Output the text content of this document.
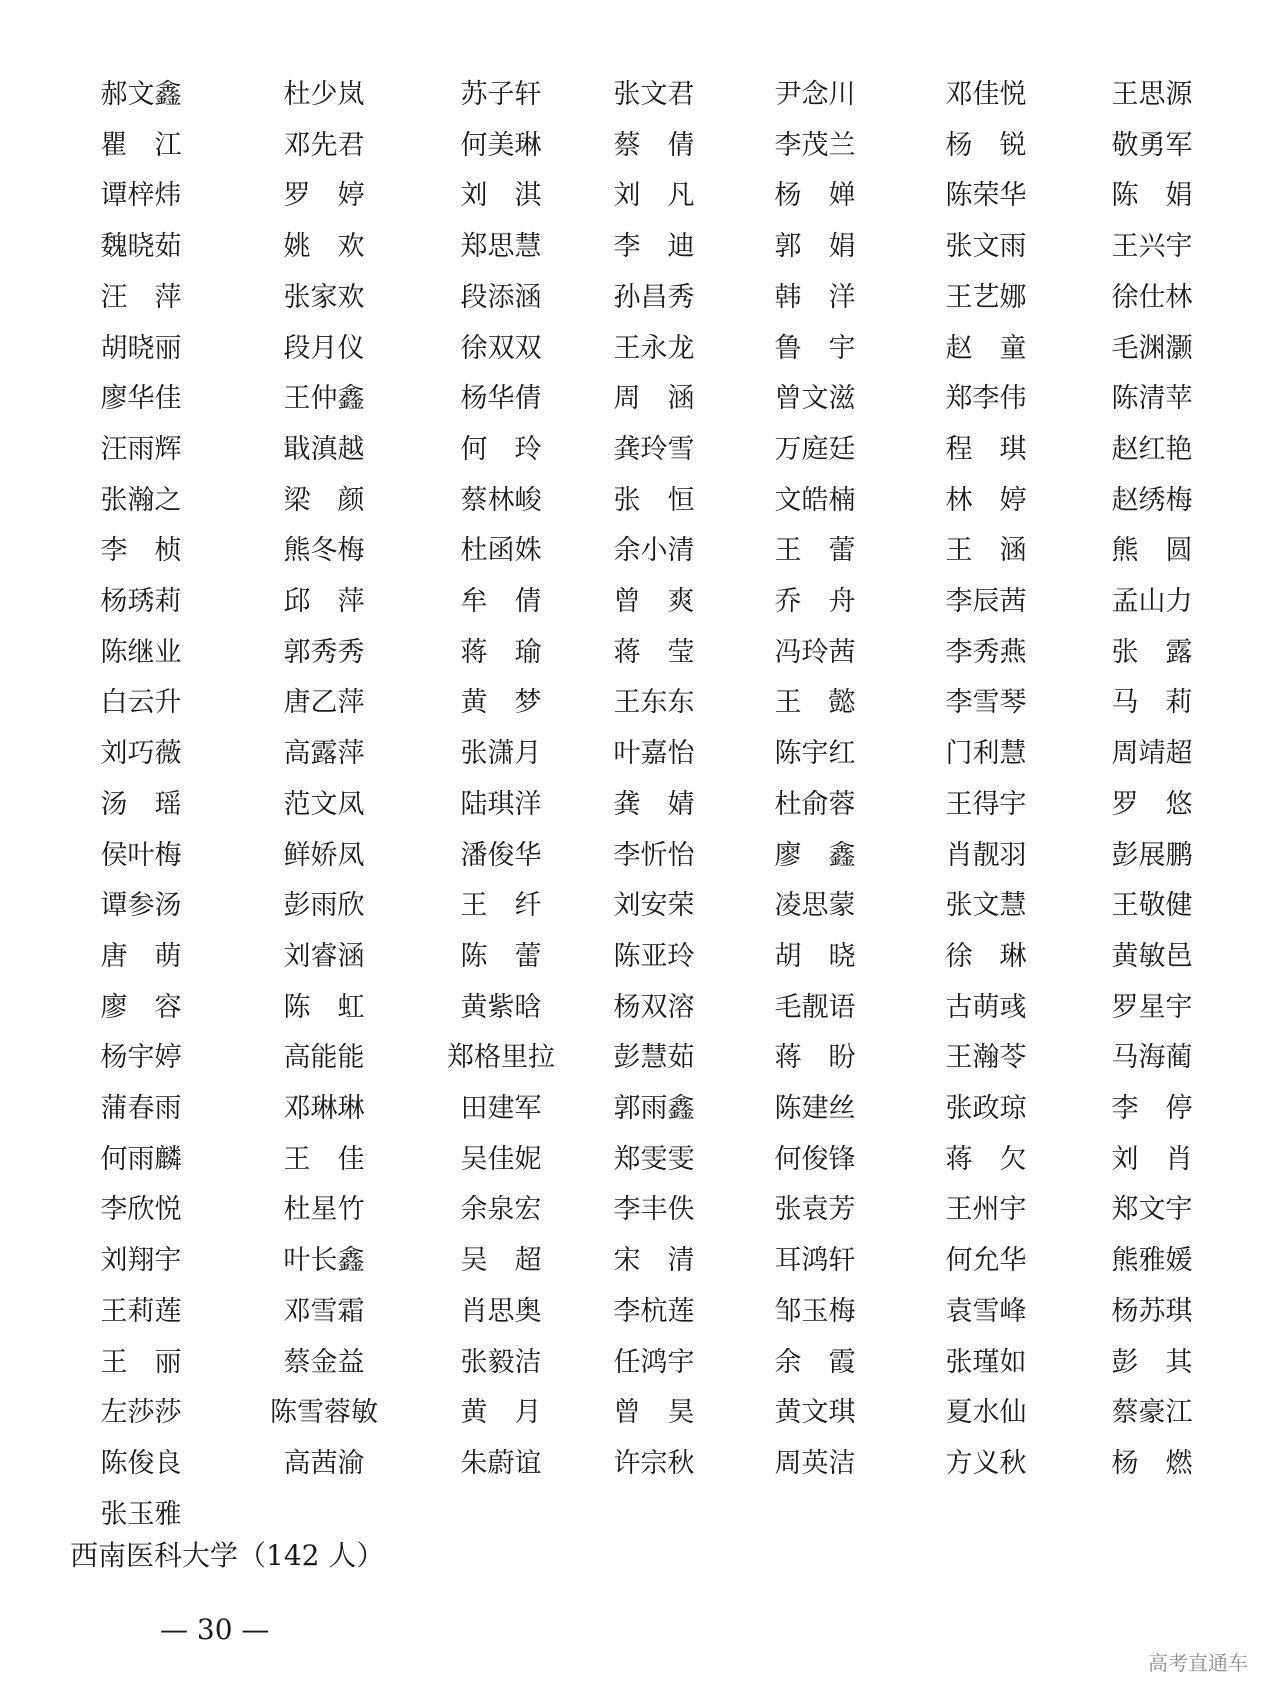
郝文鑫	杜少岚	苏子轩	张文君	尹念川	邓佳悦	王思源
瞿　江	邓先君	何美琳	蔡　倩	李茂兰	杨　锐	敬勇军
谭梓炜	罗　婷	刘　淇	刘　凡	杨　婵	陈荣华	陈　娟
魏晓茹	姚　欢	郑思慧	李　迪	郭　娟	张文雨	王兴宇
汪　萍	张家欢	段添涵	孙昌秀	韩　洋	王艺娜	徐仕林
胡晓丽	段月仪	徐双双	王永龙	鲁　宇	赵　童	毛渊灏
廖华佳	王仲鑫	杨华倩	周　涵	曾文滋	郑李伟	陈清苹
汪雨辉	戢滇越	何　玲	龚玲雪	万庭廷	程　琪	赵红艳
张瀚之	梁　颜	蔡林峻	张　恒	文皓楠	林　婷	赵绣梅
李　桢	熊冬梅	杜函姝	余小清	王　蕾	王　涵	熊　圆
杨琇莉	邱　萍	牟　倩	曾　爽	乔　舟	李辰茜	孟山力
陈继业	郭秀秀	蒋　瑜	蒋　莹	冯玲茜	李秀燕	张　露
白云升	唐乙萍	黄　梦	王东东	王　懿	李雪琴	马　莉
刘巧薇	高露萍	张潇月	叶嘉怡	陈宇红	门利慧	周靖超
汤　瑶	范文凤	陆琪洋	龚　婧	杜俞蓉	王得宇	罗　悠
侯叶梅	鲜娇凤	潘俊华	李忻怡	廖　鑫	肖靓羽	彭展鹏
谭参汤	彭雨欣	王　纤	刘安荣	凌思蒙	张文慧	王敬健
唐　萌	刘睿涵	陈　蕾	陈亚玲	胡　晓	徐　琳	黄敏邑
廖　容	陈　虹	黄紫晗	杨双溶	毛靓语	古萌彧	罗星宇
杨宇婷	高能能	郑格里拉	彭慧茹	蒋　盼	王瀚苓	马海蔺
蒲春雨	邓琳琳	田建军	郭雨鑫	陈建丝	张政琼	李　停
何雨麟	王　佳	吴佳妮	郑雯雯	何俊锋	蒋　欠	刘　肖
李欣悦	杜星竹	余泉宏	李丰佚	张袁芳	王州宇	郑文宇
刘翔宇	叶长鑫	吴　超	宋　清	耳鸿轩	何允华	熊雅媛
王莉莲	邓雪霜	肖思奥	李杭莲	邹玉梅	袁雪峰	杨苏琪
王　丽	蔡金益	张毅洁	任鸿宇	余　霞	张瑾如	彭　其
左莎莎	陈雪蓉敏	黄　月	曾　昊	黄文琪	夏水仙	蔡豪江
陈俊良	高茜渝	朱蔚谊	许宗秋	周英洁	方义秋	杨　燃
张玉雅
西南医科大学（142 人）
— 30 —
高考直通车
